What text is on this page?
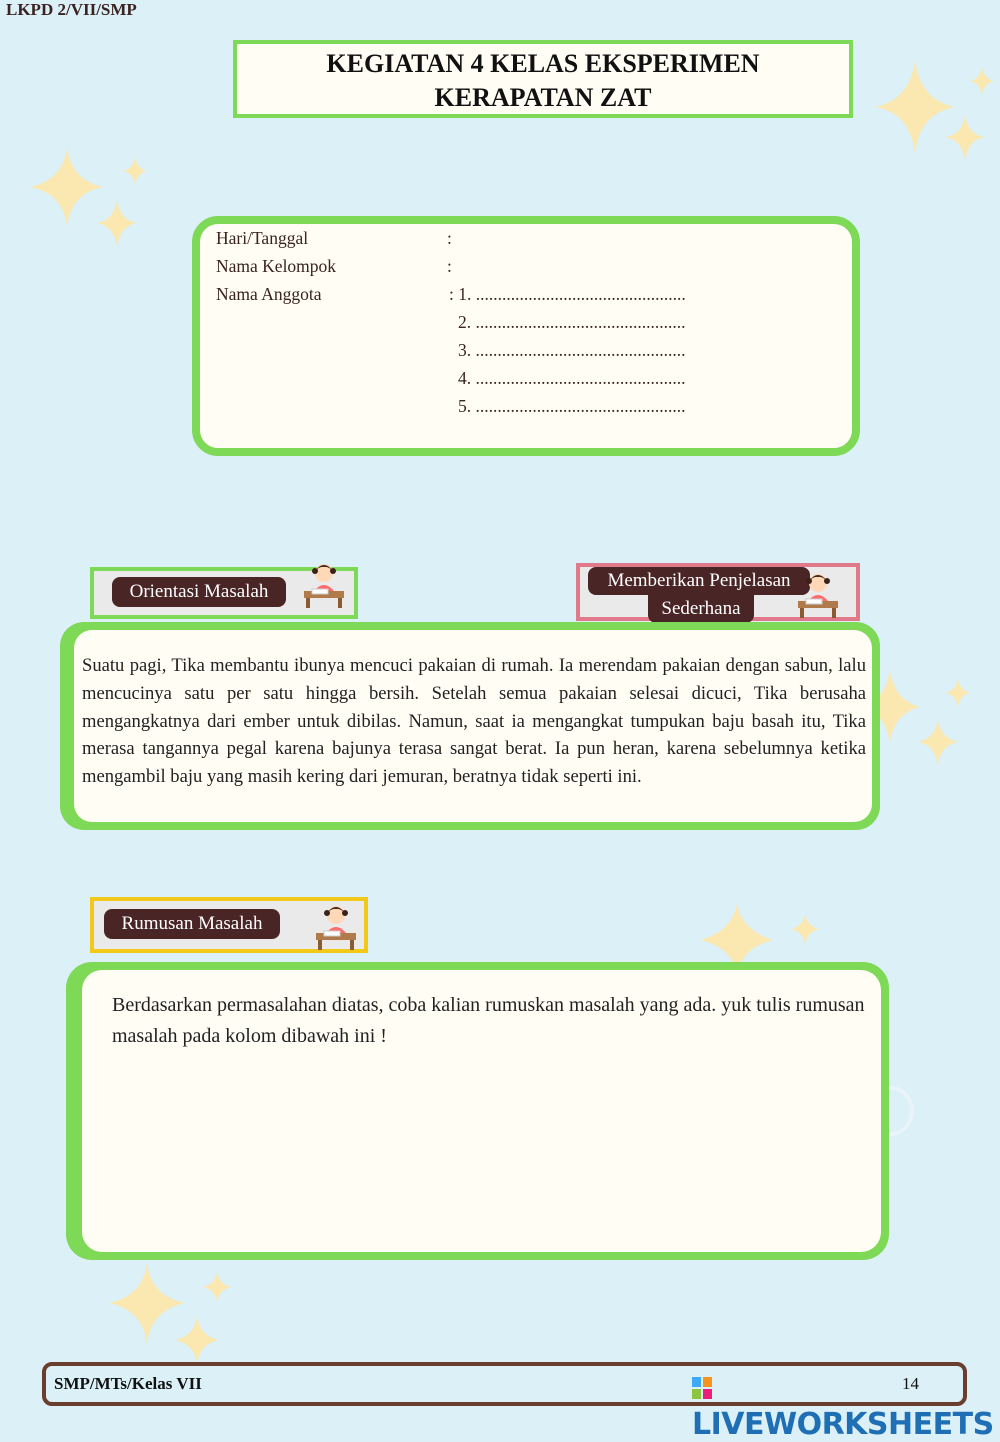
LKPD 2/VII/SMP
KEGIATAN 4 KELAS EKSPERIMEN
KERAPATAN ZAT
Hari/Tanggal	:
Nama Kelompok	:
Nama Anggota	: 1. ................................................
2. ................................................
3. ................................................
4. ................................................
5. ................................................
Orientasi Masalah
Memberikan Penjelasan
Sederhana
Suatu pagi, Tika membantu ibunya mencuci pakaian di rumah. Ia merendam pakaian dengan sabun, lalu mencucinya satu per satu hingga bersih. Setelah semua pakaian selesai dicuci, Tika berusaha mengangkatnya dari ember untuk dibilas. Namun, saat ia mengangkat tumpukan baju basah itu, Tika merasa tangannya pegal karena bajunya terasa sangat berat. Ia pun heran, karena sebelumnya ketika mengambil baju yang masih kering dari jemuran, beratnya tidak seperti ini.
Rumusan Masalah
Berdasarkan permasalahan diatas, coba kalian rumuskan masalah yang ada. yuk tulis rumusan masalah pada kolom dibawah ini !
SMP/MTs/Kelas VII	14
LIVEWORKSHEETS
